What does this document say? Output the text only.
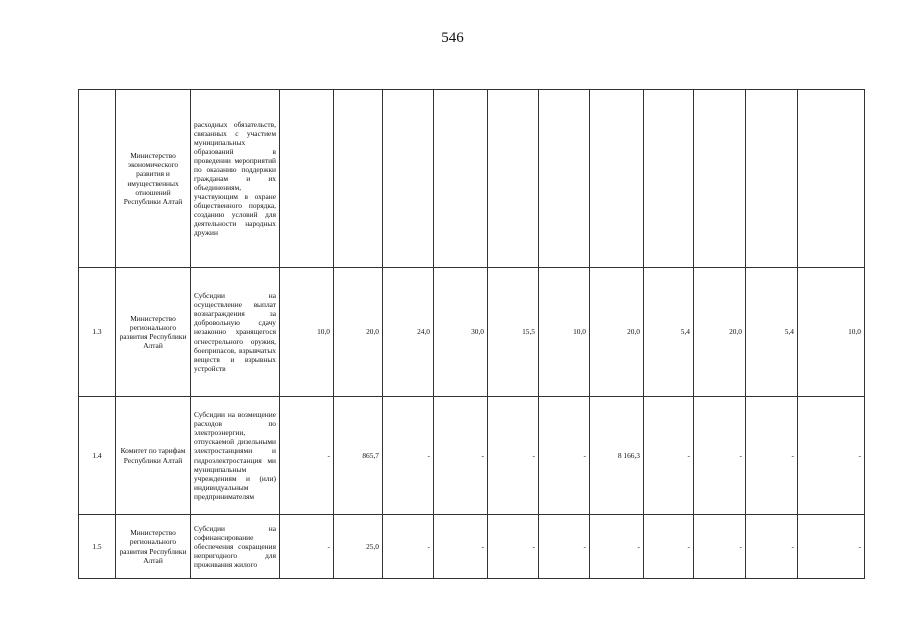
546
	Министерство экономического развития и имущественных отношений Республики Алтай	расходных обязательств, связанных с участием муниципальных образований в проведении мероприятий по оказанию поддержки гражданам и их объединениям, участвующим в охране общественного порядка, созданию условий для деятельности народных дружин											
1.3	Министерство регионального развития Республики Алтай	Субсидии на осуществление выплат вознаграждения за добровольную сдачу незаконно хранящегося огнестрельного оружия, боеприпасов, взрывчатых веществ и взрывных устройств	10,0	20,0	24,0	30,0	15,5	10,0	20,0	5,4	20,0	5,4	10,0
1.4	Комитет по тарифам Республики Алтай	Субсидии на возмещение расходов по электроэнергии, отпускаемой дизельными электростанциями и гидроэлектростанция ми муниципальным учреждениям и (или) индивидуальным предпринимателям	-	865,7	-	-	-	-	8 166,3	-	-	-	-
1.5	Министерство регионального развития Республики Алтай	Субсидии на софинансирование обеспечения сокращения непригодного для проживания жилого	-	25,0	-	-	-	-	-	-	-	-	-
